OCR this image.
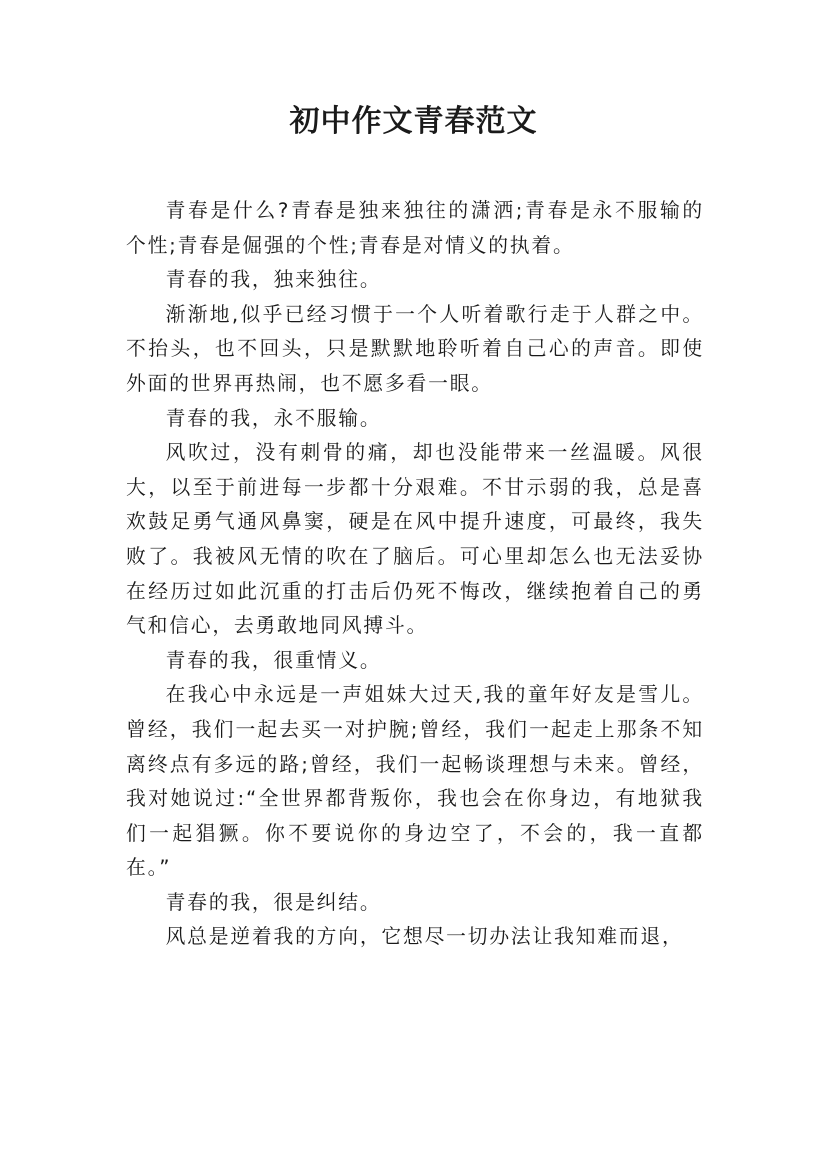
初中作文青春范文

青春是什么?青春是独来独往的潇洒;青春是永不服输的个性;青春是倔强的个性;青春是对情义的执着。

青春的我，独来独往。

渐渐地,似乎已经习惯于一个人听着歌行走于人群之中。不抬头，也不回头，只是默默地聆听着自己心的声音。即使外面的世界再热闹，也不愿多看一眼。

青春的我，永不服输。

风吹过，没有刺骨的痛，却也没能带来一丝温暖。风很大，以至于前进每一步都十分艰难。不甘示弱的我，总是喜欢鼓足勇气通风鼻窦，硬是在风中提升速度，可最终，我失败了。我被风无情的吹在了脑后。可心里却怎么也无法妥协在经历过如此沉重的打击后仍死不悔改，继续抱着自己的勇气和信心，去勇敢地同风搏斗。

青春的我，很重情义。

在我心中永远是一声姐妹大过天,我的童年好友是雪儿。曾经，我们一起去买一对护腕;曾经，我们一起走上那条不知离终点有多远的路;曾经，我们一起畅谈理想与未来。曾经，我对她说过:“全世界都背叛你，我也会在你身边，有地狱我们一起猖獗。你不要说你的身边空了，不会的，我一直都在。”

青春的我，很是纠结。

风总是逆着我的方向，它想尽一切办法让我知难而退，
